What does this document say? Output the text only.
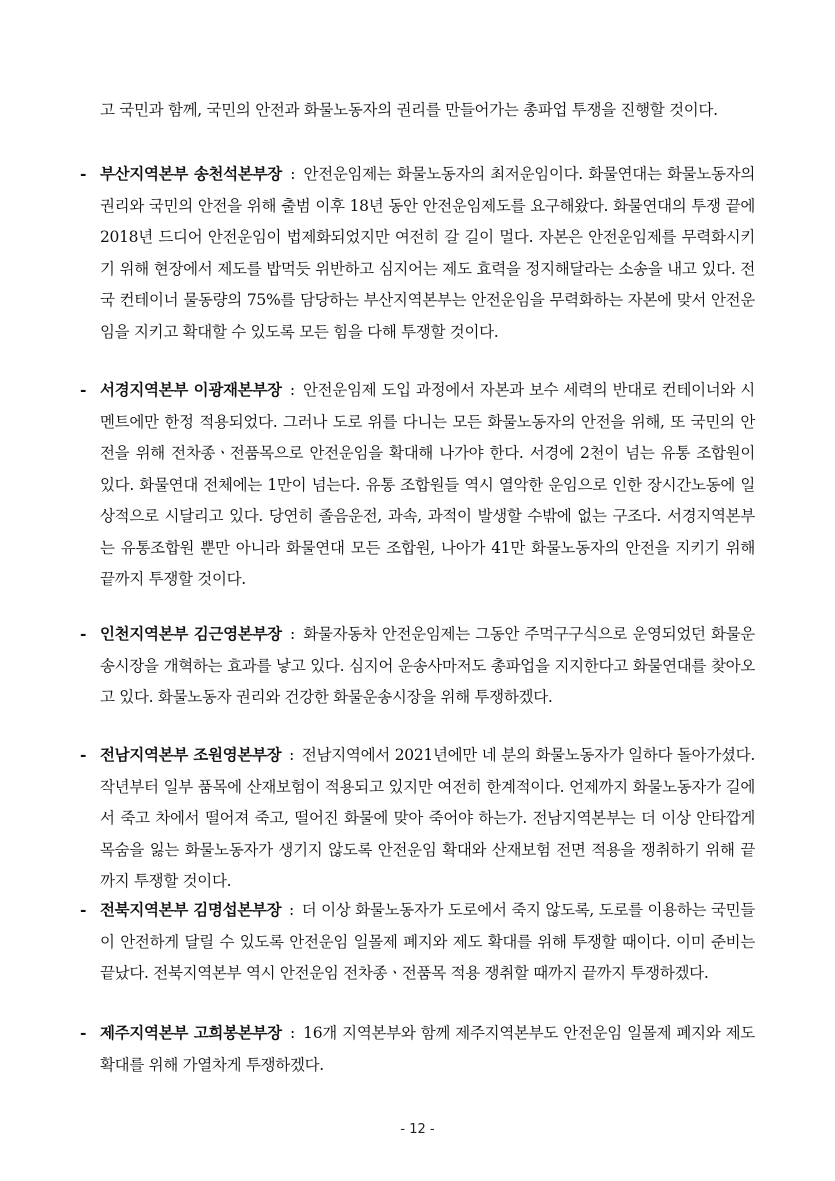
고 국민과 함께, 국민의 안전과 화물노동자의 권리를 만들어가는 총파업 투쟁을 진행할 것이다.
- 부산지역본부 송천석본부장 : 안전운임제는 화물노동자의 최저운임이다. 화물연대는 화물노동자의 권리와 국민의 안전을 위해 출범 이후 18년 동안 안전운임제도를 요구해왔다. 화물연대의 투쟁 끝에 2018년 드디어 안전운임이 법제화되었지만 여전히 갈 길이 멀다. 자본은 안전운임제를 무력화시키기 위해 현장에서 제도를 밥먹듯 위반하고 심지어는 제도 효력을 정지해달라는 소송을 내고 있다. 전국 컨테이너 물동량의 75%를 담당하는 부산지역본부는 안전운임을 무력화하는 자본에 맞서 안전운임을 지키고 확대할 수 있도록 모든 힘을 다해 투쟁할 것이다.
- 서경지역본부 이광재본부장 : 안전운임제 도입 과정에서 자본과 보수 세력의 반대로 컨테이너와 시멘트에만 한정 적용되었다. 그러나 도로 위를 다니는 모든 화물노동자의 안전을 위해, 또 국민의 안전을 위해 전차종ㆍ전품목으로 안전운임을 확대해 나가야 한다. 서경에 2천이 넘는 유통 조합원이 있다. 화물연대 전체에는 1만이 넘는다. 유통 조합원들 역시 열악한 운임으로 인한 장시간노동에 일상적으로 시달리고 있다. 당연히 졸음운전, 과속, 과적이 발생할 수밖에 없는 구조다. 서경지역본부는 유통조합원 뿐만 아니라 화물연대 모든 조합원, 나아가 41만 화물노동자의 안전을 지키기 위해 끝까지 투쟁할 것이다.
- 인천지역본부 김근영본부장 : 화물자동차 안전운임제는 그동안 주먹구구식으로 운영되었던 화물운송시장을 개혁하는 효과를 낳고 있다. 심지어 운송사마저도 총파업을 지지한다고 화물연대를 찾아오고 있다. 화물노동자 권리와 건강한 화물운송시장을 위해 투쟁하겠다.
- 전남지역본부 조원영본부장 : 전남지역에서 2021년에만 네 분의 화물노동자가 일하다 돌아가셨다. 작년부터 일부 품목에 산재보험이 적용되고 있지만 여전히 한계적이다. 언제까지 화물노동자가 길에서 죽고 차에서 떨어져 죽고, 떨어진 화물에 맞아 죽어야 하는가. 전남지역본부는 더 이상 안타깝게 목숨을 잃는 화물노동자가 생기지 않도록 안전운임 확대와 산재보험 전면 적용을 쟁취하기 위해 끝까지 투쟁할 것이다.
- 전북지역본부 김명섭본부장 : 더 이상 화물노동자가 도로에서 죽지 않도록, 도로를 이용하는 국민들이 안전하게 달릴 수 있도록 안전운임 일몰제 폐지와 제도 확대를 위해 투쟁할 때이다. 이미 준비는 끝났다. 전북지역본부 역시 안전운임 전차종ㆍ전품목 적용 쟁취할 때까지 끝까지 투쟁하겠다.
- 제주지역본부 고희봉본부장 : 16개 지역본부와 함께 제주지역본부도 안전운임 일몰제 폐지와 제도 확대를 위해 가열차게 투쟁하겠다.
- 12 -
